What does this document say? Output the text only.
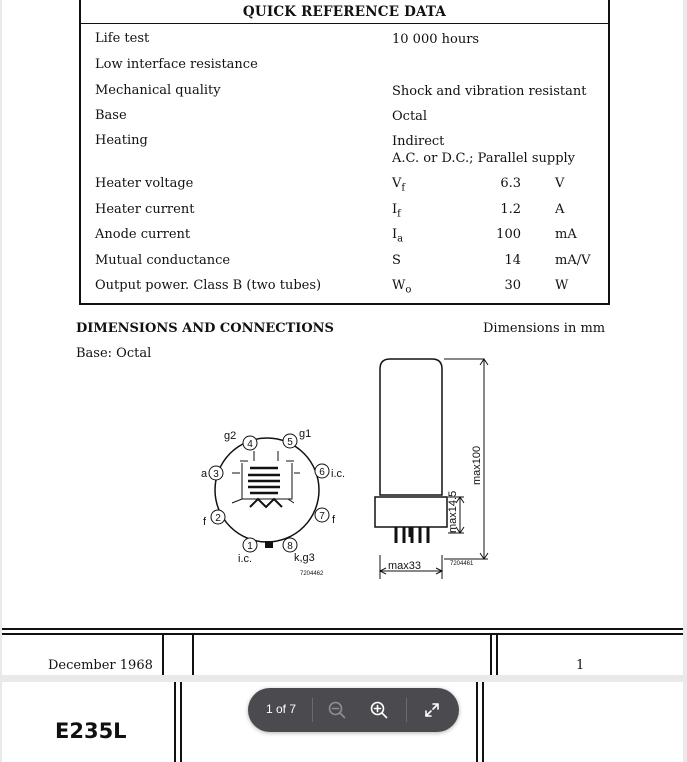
QUICK REFERENCE DATA
Life test	10 000 hours
Low interface resistance
Mechanical quality	Shock and vibration resistant
Base	Octal
Heating	Indirect
A.C. or D.C.; Parallel supply
Heater voltage	$V_f$	6.3	V
Heater current	$I_f$	1.2	A
Anode current	$I_a$	100	mA
Mutual conductance	S	14	mA/V
Output power. Class B (two tubes)	$W_o$	30	W
DIMENSIONS AND CONNECTIONS	Dimensions in mm
Base: Octal
4	5
3	6
2	7
1	8
g2	g1
a	i.c.
f	f
i.c.	k,g3
7204462
max100
max14.5
max33	7204461
December 1968	1
E235L
1 of 7
